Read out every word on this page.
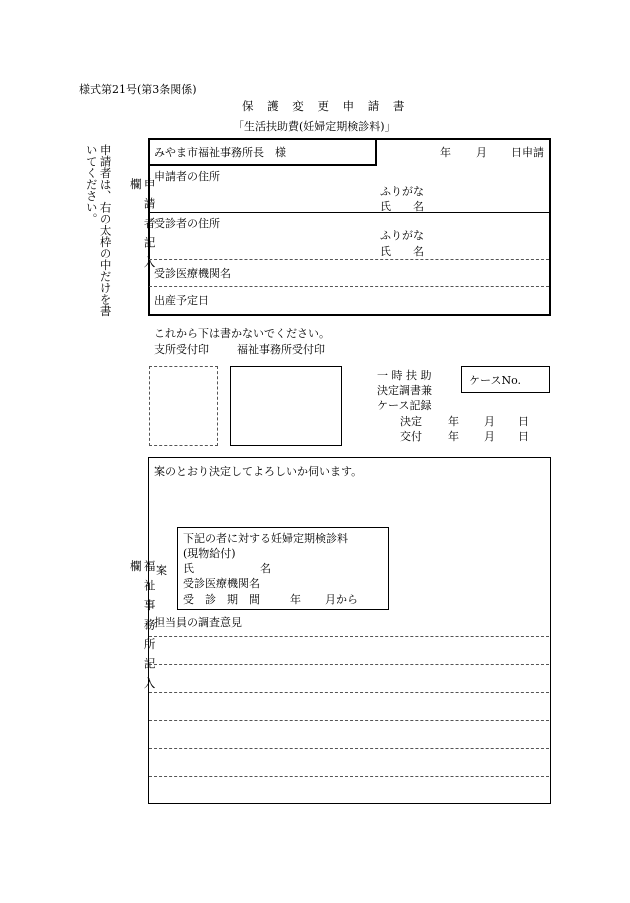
様式第21号(第3条関係)
保 護 変 更 申 請 書
「生活扶助費(妊婦定期検診料)」
申請者は、右の太枠の中だけを書いてください。	申請者記入欄
みやま市福祉事務所長　様	年 月 日申請
申請者の住所
ふりがな
氏　　名
受診者の住所
ふりがな
氏　　名
受診医療機関名
出産予定日
これから下は書かないでください。
支所受付印	福祉事務所受付印
一 時 扶 助
決定調書兼
ケース記録
ケースNo.
決定 年 月 日
交付 年 月 日
福祉事務所記入欄
案のとおり決定してよろしいか伺います。
案
下記の者に対する妊婦定期検診料
(現物給付)
氏　　　　　　名
受診医療機関名
受　診　期　間	年 月から
担当員の調査意見
